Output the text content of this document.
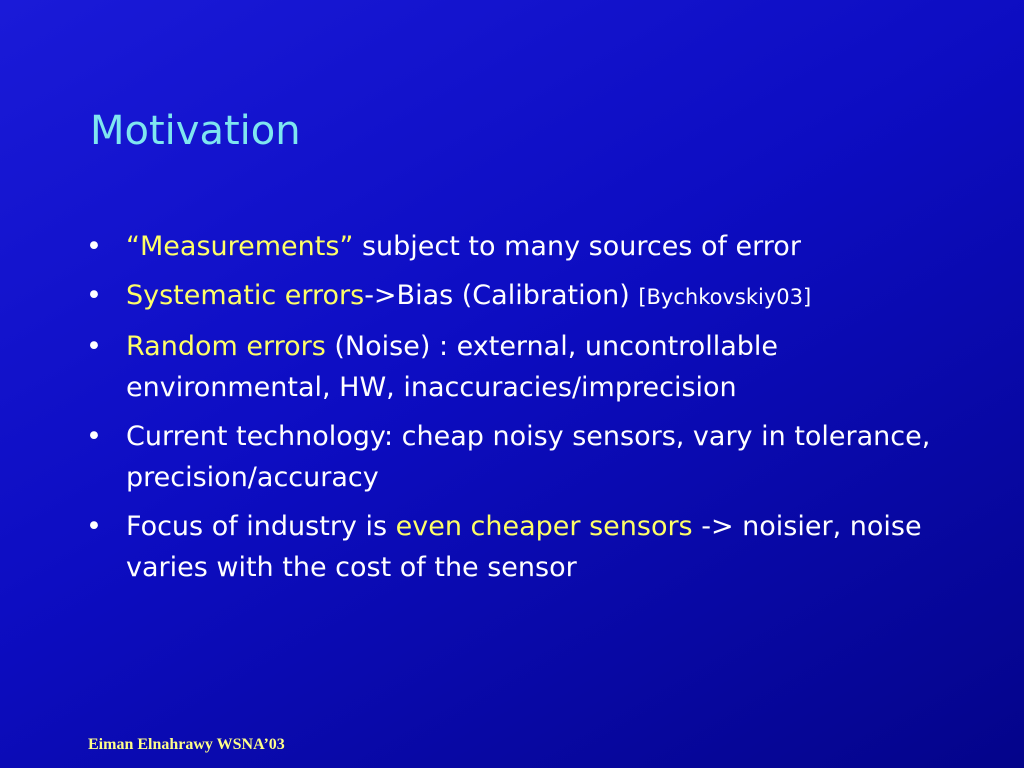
Motivation
• “Measurements” subject to many sources of error
• Systematic errors->Bias (Calibration) [Bychkovskiy03]
• Random errors (Noise) : external, uncontrollable environmental, HW, inaccuracies/imprecision
• Current technology: cheap noisy sensors, vary in tolerance, precision/accuracy
• Focus of industry is even cheaper sensors -> noisier, noise varies with the cost of the sensor
Eiman Elnahrawy WSNA’03
